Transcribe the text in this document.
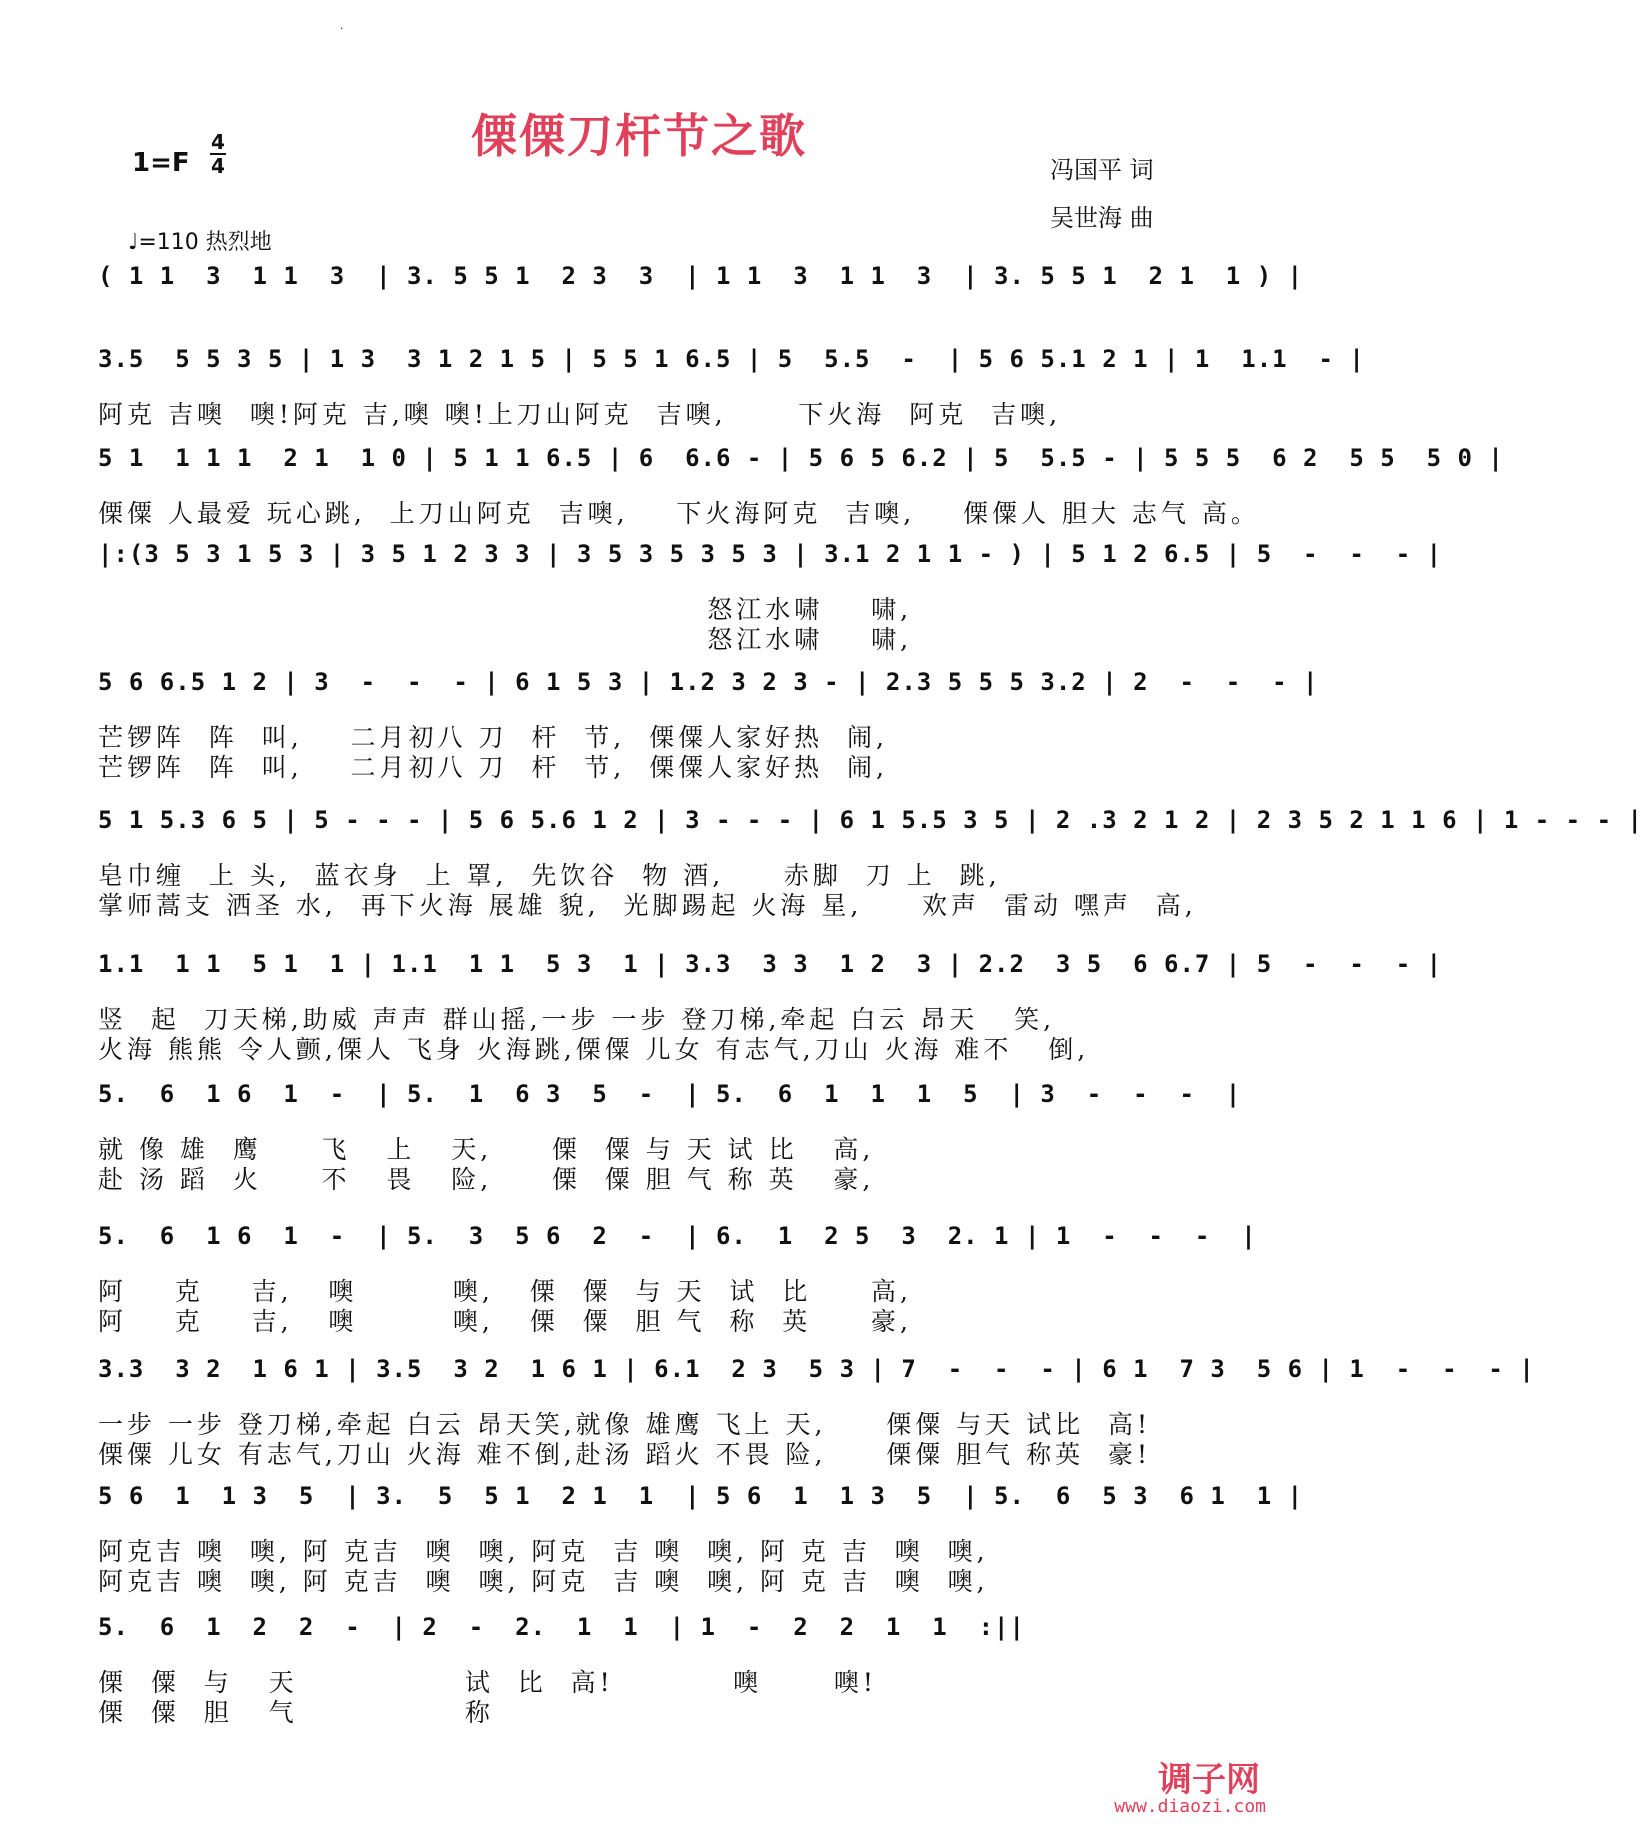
·
傈傈刀杆节之歌
1=F
4
4	冯国平 词
吴世海 曲
♩=110 热烈地
( 1 1  3  1 1  3  | 3. 5 5 1  2 3  3  | 1 1  3  1 1  3  | 3. 5 5 1  2 1  1 ) |
3.5  5 5 3 5 | 1 3  3 1 2 1 5 | 5 5 1 6.5 | 5  5.5  -  | 5 6 5.1 2 1 | 1  1.1  - |
阿克 吉噢  噢!阿克 吉,噢 噢!上刀山阿克  吉噢,      下火海  阿克  吉噢,
5 1  1 1 1  2 1  1 0 | 5 1 1 6.5 | 6  6.6 - | 5 6 5 6.2 | 5  5.5 - | 5 5 5  6 2  5 5  5 0 |
傈僳 人最爱 玩心跳,  上刀山阿克  吉噢,    下火海阿克  吉噢,    傈僳人 胆大 志气 高。
|:(3 5 3 1 5 3 | 3 5 1 2 3 3 | 3 5 3 5 3 5 3 | 3.1 2 1 1 - ) | 5 1 2 6.5 | 5  -  -  - |
怒江水啸    啸,
怒江水啸    啸,
5 6 6.5 1 2 | 3  -  -  - | 6 1 5 3 | 1.2 3 2 3 - | 2.3 5 5 5 3.2 | 2  -  -  - |
芒锣阵  阵  叫,    二月初八 刀  杆  节,  傈僳人家好热  闹,
芒锣阵  阵  叫,    二月初八 刀  杆  节,  傈僳人家好热  闹,
5 1 5.3 6 5 | 5 - - - | 5 6 5.6 1 2 | 3 - - - | 6 1 5.5 3 5 | 2 .3 2 1 2 | 2 3 5 2 1 1 6 | 1 - - - |
皂巾缠  上 头,  蓝衣身  上 罩,  先饮谷  物 酒,     赤脚  刀 上  跳,
掌师蒿支 洒圣 水,  再下火海 展雄 貌,  光脚踢起 火海 星,     欢声  雷动 嘿声  高,
1.1  1 1  5 1  1 | 1.1  1 1  5 3  1 | 3.3  3 3  1 2  3 | 2.2  3 5  6 6.7 | 5  -  -  - |
竖  起  刀天梯,助威 声声 群山摇,一步 一步 登刀梯,牵起 白云 昂天   笑,
火海 熊熊 令人颤,傈人 飞身 火海跳,傈僳 儿女 有志气,刀山 火海 难不   倒,
5.  6  1 6  1  -  | 5.  1  6 3  5  -  | 5.  6  1  1  1  5  | 3  -  -  -  |
就 像 雄  鹰     飞   上   天,     傈  僳 与 天 试 比   高,
赴 汤 蹈  火     不   畏   险,     傈  僳 胆 气 称 英   豪,
5.  6  1 6  1  -  | 5.  3  5 6  2  -  | 6.  1  2 5  3  2. 1 | 1  -  -  -  |
阿    克    吉,   噢        噢,   傈  僳  与 天  试  比     高,
阿    克    吉,   噢        噢,   傈  僳  胆 气  称  英     豪,
3.3  3 2  1 6 1 | 3.5  3 2  1 6 1 | 6.1  2 3  5 3 | 7  -  -  - | 6 1  7 3  5 6 | 1  -  -  - |
一步 一步 登刀梯,牵起 白云 昂天笑,就像 雄鹰 飞上 天,     傈僳 与天 试比  高!
傈僳 儿女 有志气,刀山 火海 难不倒,赴汤 蹈火 不畏 险,     傈僳 胆气 称英  豪!
5 6  1  1 3  5  | 3.  5  5 1  2 1  1  | 5 6  1  1 3  5  | 5.  6  5 3  6 1  1 |
阿克吉 噢  噢, 阿 克吉  噢  噢, 阿克  吉 噢  噢, 阿 克 吉  噢  噢,
阿克吉 噢  噢, 阿 克吉  噢  噢, 阿克  吉 噢  噢, 阿 克 吉  噢  噢,
5.  6  1  2  2  -  | 2  -  2.  1  1  | 1  -  2  2  1  1  :||
傈  僳  与   天              试  比  高!          噢      噢!
傈  僳  胆   气              称
调子网
www.diaozi.com
